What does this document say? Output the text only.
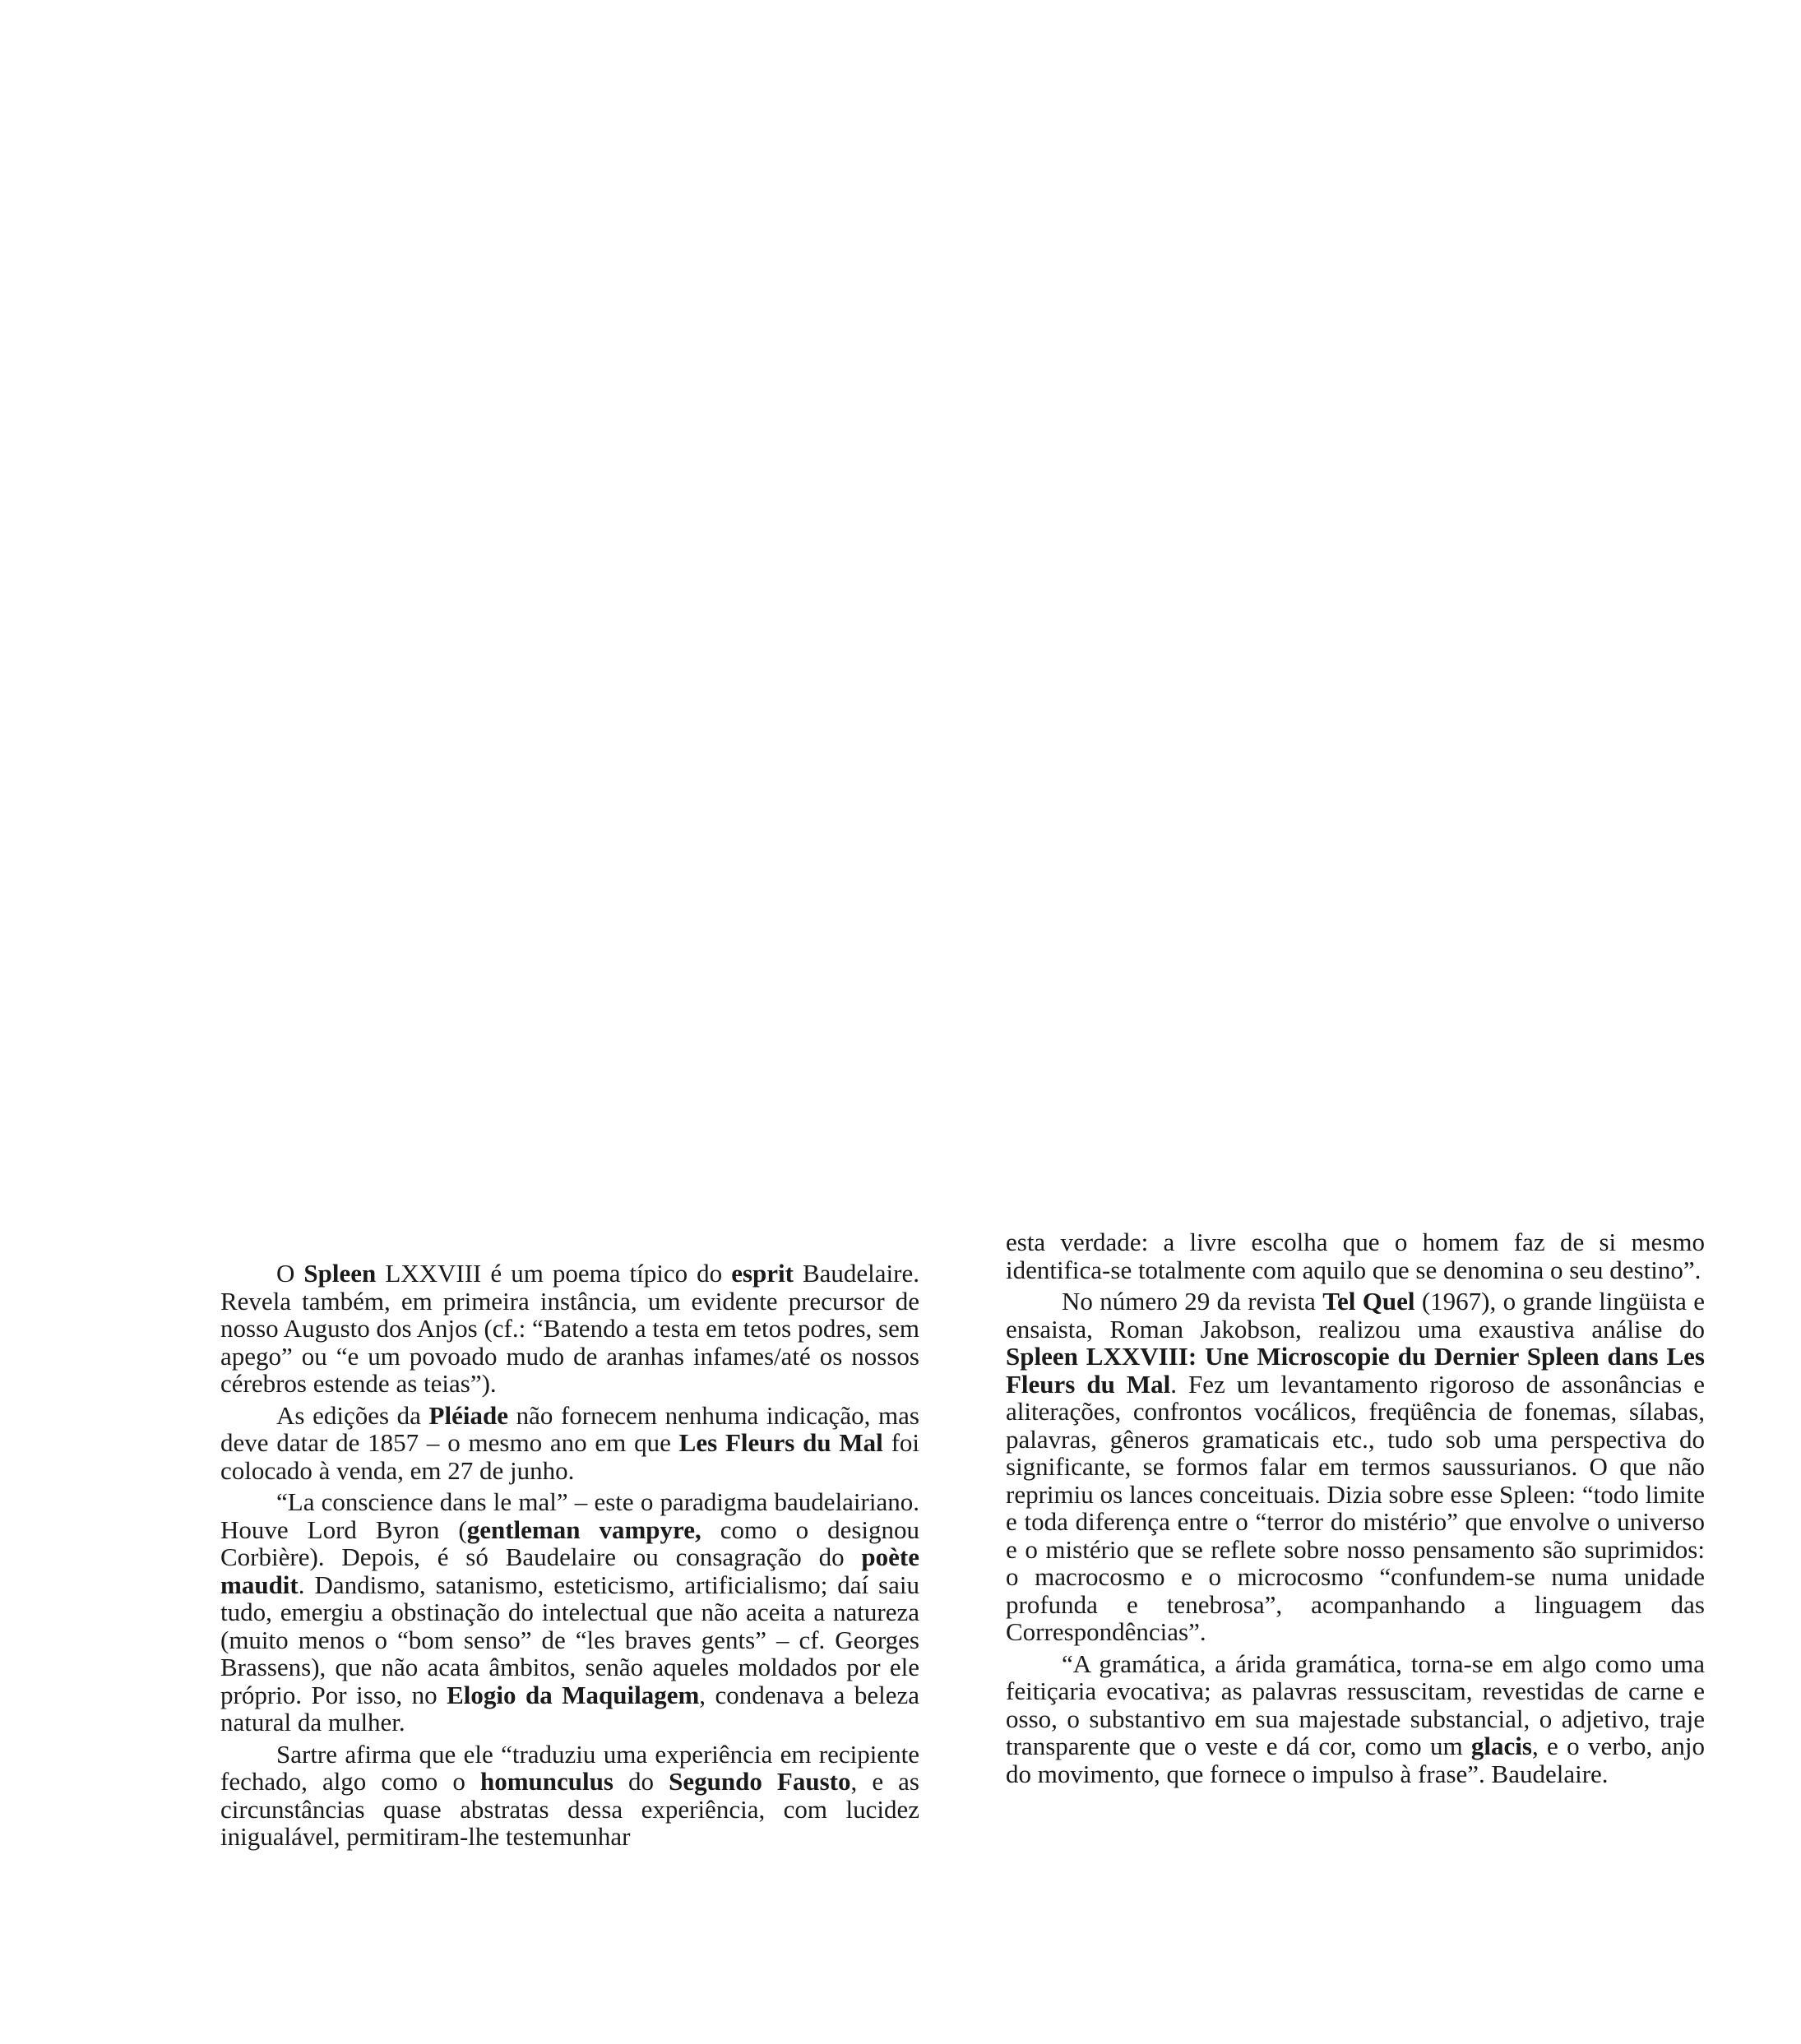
O Spleen LXXVIII é um poema típico do esprit Baudelaire. Revela também, em primeira instância, um evidente precursor de nosso Augusto dos Anjos (cf.: “Batendo a testa em tetos podres, sem apego” ou “e um povoado mudo de aranhas infames/até os nossos cérebros estende as teias”).

As edições da Pléiade não fornecem nenhuma indicação, mas deve datar de 1857 – o mesmo ano em que Les Fleurs du Mal foi colocado à venda, em 27 de junho.

“La conscience dans le mal” – este o paradigma baudelairiano. Houve Lord Byron (gentleman vampyre, como o designou Corbière). Depois, é só Baudelaire ou consagração do poète maudit. Dandismo, satanismo, esteticismo, artificialismo; daí saiu tudo, emergiu a obstinação do intelectual que não aceita a natureza (muito menos o “bom senso” de “les braves gents” – cf. Georges Brassens), que não acata âmbitos, senão aqueles moldados por ele próprio. Por isso, no Elogio da Maquilagem, condenava a beleza natural da mulher.

Sartre afirma que ele “traduziu uma experiência em recipiente fechado, algo como o homunculus do Segundo Fausto, e as circunstâncias quase abstratas dessa experiência, com lucidez inigualável, permitiram-lhe testemunhar

esta verdade: a livre escolha que o homem faz de si mesmo identifica-se totalmente com aquilo que se denomina o seu destino”.

No número 29 da revista Tel Quel (1967), o grande lingüista e ensaista, Roman Jakobson, realizou uma exaustiva análise do Spleen LXXVIII: Une Microscopie du Dernier Spleen dans Les Fleurs du Mal. Fez um levantamento rigoroso de assonâncias e aliterações, confrontos vocálicos, freqüência de fonemas, sílabas, palavras, gêneros gramaticais etc., tudo sob uma perspectiva do significante, se formos falar em termos saussurianos. O que não reprimiu os lances conceituais. Dizia sobre esse Spleen: “todo limite e toda diferença entre o “terror do mistério” que envolve o universo e o mistério que se reflete sobre nosso pensamento são suprimidos: o macrocosmo e o microcosmo “confundem-se numa unidade profunda e tenebrosa”, acompanhando a linguagem das Correspondências”.

“A gramática, a árida gramática, torna-se em algo como uma feitiçaria evocativa; as palavras ressuscitam, revestidas de carne e osso, o substantivo em sua majestade substancial, o adjetivo, traje transparente que o veste e dá cor, como um glacis, e o verbo, anjo do movimento, que fornece o impulso à frase”. Baudelaire.
